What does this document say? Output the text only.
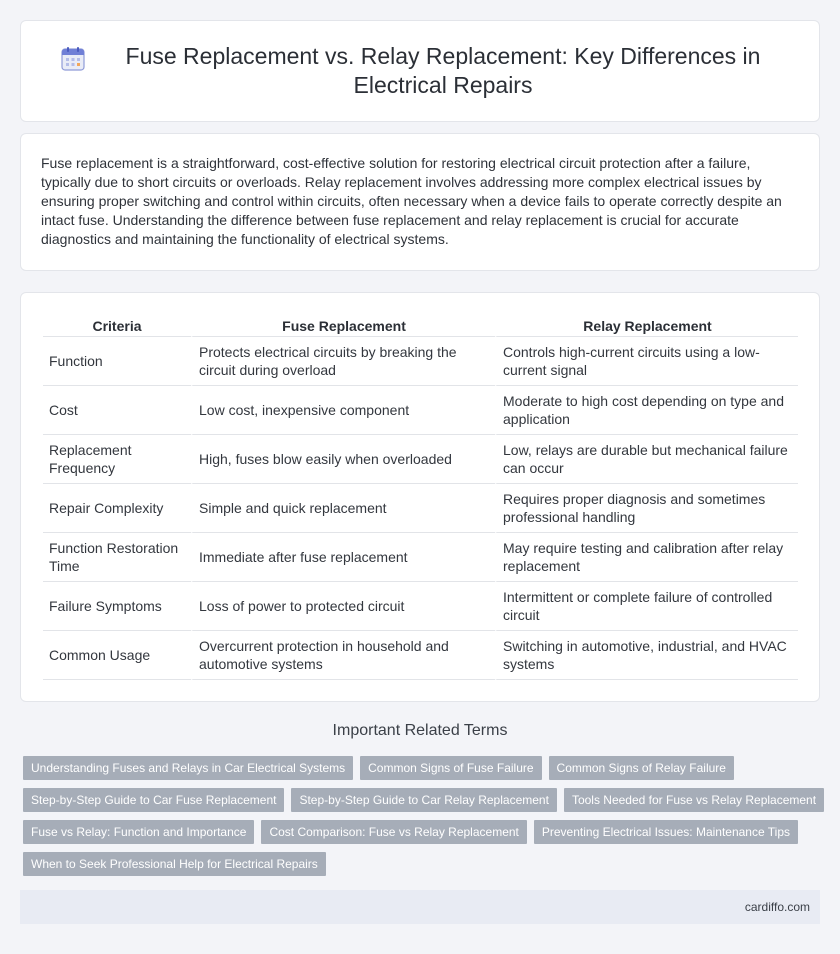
Fuse Replacement vs. Relay Replacement: Key Differences in Electrical Repairs

Fuse replacement is a straightforward, cost-effective solution for restoring electrical circuit protection after a failure, typically due to short circuits or overloads. Relay replacement involves addressing more complex electrical issues by ensuring proper switching and control within circuits, often necessary when a device fails to operate correctly despite an intact fuse. Understanding the difference between fuse replacement and relay replacement is crucial for accurate diagnostics and maintaining the functionality of electrical systems.

Criteria	Fuse Replacement	Relay Replacement
Function	Protects electrical circuits by breaking the circuit during overload	Controls high-current circuits using a low-current signal
Cost	Low cost, inexpensive component	Moderate to high cost depending on type and application
Replacement Frequency	High, fuses blow easily when overloaded	Low, relays are durable but mechanical failure can occur
Repair Complexity	Simple and quick replacement	Requires proper diagnosis and sometimes professional handling
Function Restoration Time	Immediate after fuse replacement	May require testing and calibration after relay replacement
Failure Symptoms	Loss of power to protected circuit	Intermittent or complete failure of controlled circuit
Common Usage	Overcurrent protection in household and automotive systems	Switching in automotive, industrial, and HVAC systems
Important Related Terms
Understanding Fuses and Relays in Car Electrical Systems	Common Signs of Fuse Failure	Common Signs of Relay Failure
Step-by-Step Guide to Car Fuse Replacement	Step-by-Step Guide to Car Relay Replacement	Tools Needed for Fuse vs Relay Replacement
Fuse vs Relay: Function and Importance	Cost Comparison: Fuse vs Relay Replacement	Preventing Electrical Issues: Maintenance Tips
When to Seek Professional Help for Electrical Repairs
cardiffo.com
